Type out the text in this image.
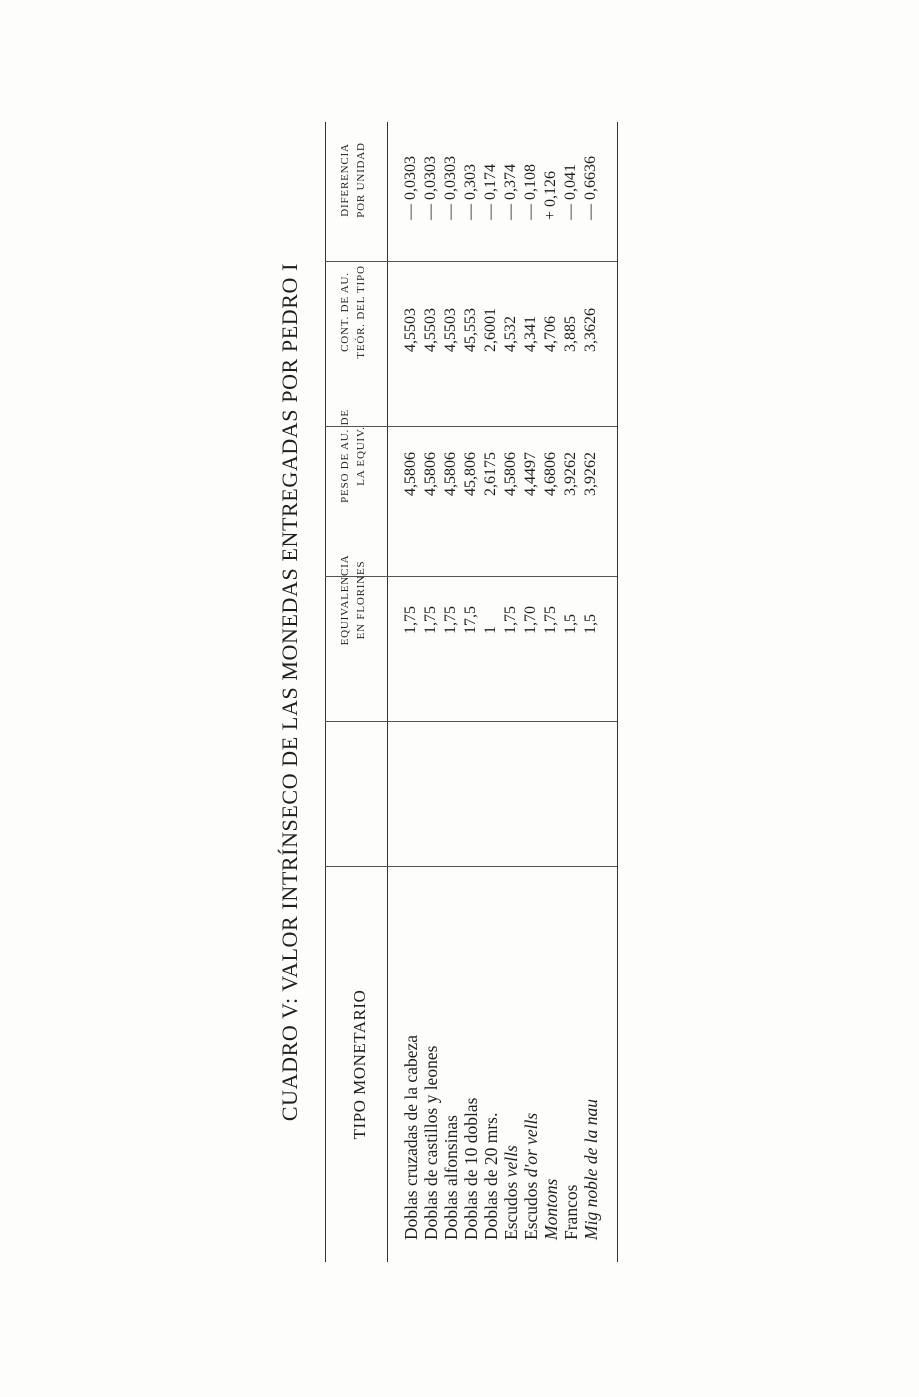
CUADRO V: VALOR INTRÍNSECO DE LAS MONEDAS ENTREGADAS POR PEDRO I	TIPO MONETARIO
EQUIVALENCIA EN FLORINES
PESO DE AU. DE LA EQUIV.
CONT. DE AU. TEÓR. DEL TIPO
DIFERENCIA POR UNIDAD
Doblas cruzadas de la cabeza Doblas de castillos y leones Doblas alfonsinas Doblas de 10 doblas Doblas de 20 mrs. Escudos vells
Escudos d'or vells
Montons Francos Mig noble de la nau
1,75 1,75 1,75 17,5 1 1,75 1,70 1,75 1,5 1,5
4,5806 4,5806 4,5806 45,806 2,6175 4,5806 4,4497 4,6806 3,9262 3,9262
4,5503 4,5503 4,5503 45,553 2,6001 4,532 4,341 4,706 3,885 3,3626
— 0,0303 — 0,0303 — 0,0303 — 0,303 — 0,174 — 0,374 — 0,108 + 0,126 — 0,041 — 0,6636
